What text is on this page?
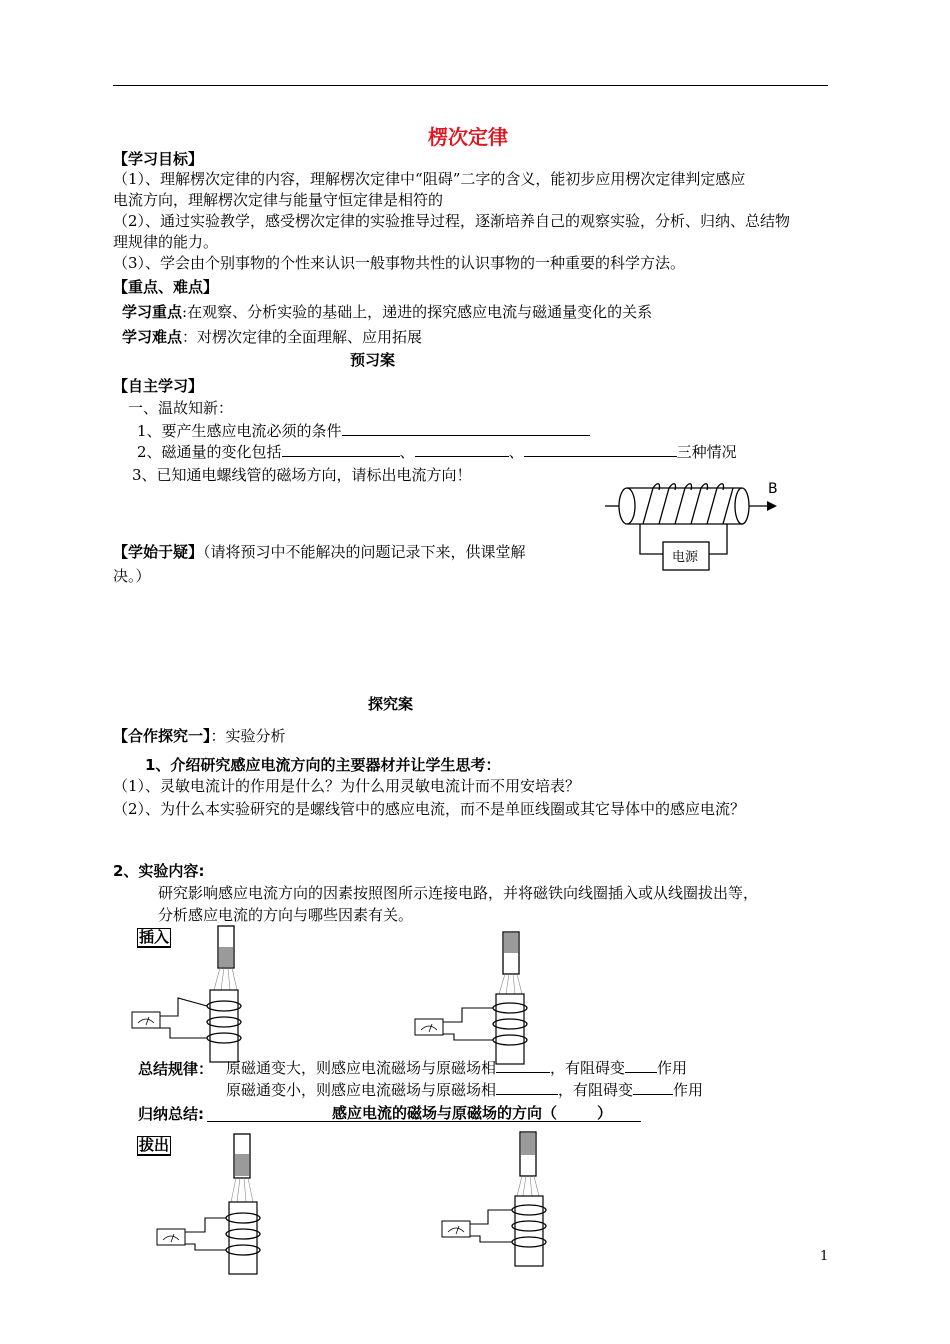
楞次定律
【学习目标】
（1）、理解楞次定律的内容，理解楞次定律中“阻碍”二字的含义，能初步应用楞次定律判定感应
电流方向，理解楞次定律与能量守恒定律是相符的
（2）、通过实验教学，感受楞次定律的实验推导过程，逐渐培养自己的观察实验，分析、归纳、总结物
理规律的能力。
（3）、学会由个别事物的个性来认识一般事物共性的认识事物的一种重要的科学方法。
【重点、难点】
学习重点:在观察、分析实验的基础上，递进的探究感应电流与磁通量变化的关系
学习难点：对楞次定律的全面理解、应用拓展
预习案
【自主学习】
一、温故知新：
1、要产生感应电流必须的条件
2、磁通量的变化包括	、	、	三种情况
3、已知通电螺线管的磁场方向，请标出电流方向！
B
电源
【学始于疑】（请将预习中不能解决的问题记录下来，供课堂解
决。）
探究案
【合作探究一】：实验分析
1、介绍研究感应电流方向的主要器材并让学生思考：
（1）、灵敏电流计的作用是什么？为什么用灵敏电流计而不用安培表？
（2）、为什么本实验研究的是螺线管中的感应电流，而不是单匝线圈或其它导体中的感应电流？
2、实验内容:
研究影响感应电流方向的因素按照图所示连接电路，并将磁铁向线圈插入或从线圈拔出等，
分析感应电流的方向与哪些因素有关。
插入
总结规律： 原磁通变大，则感应电流磁场与原磁场相	，有阻碍变 作用
原磁通变小，则感应电流磁场与原磁场相	，有阻碍变	作用
归纳总结:	感应电流的磁场与原磁场的方向（	）
拔出
1
